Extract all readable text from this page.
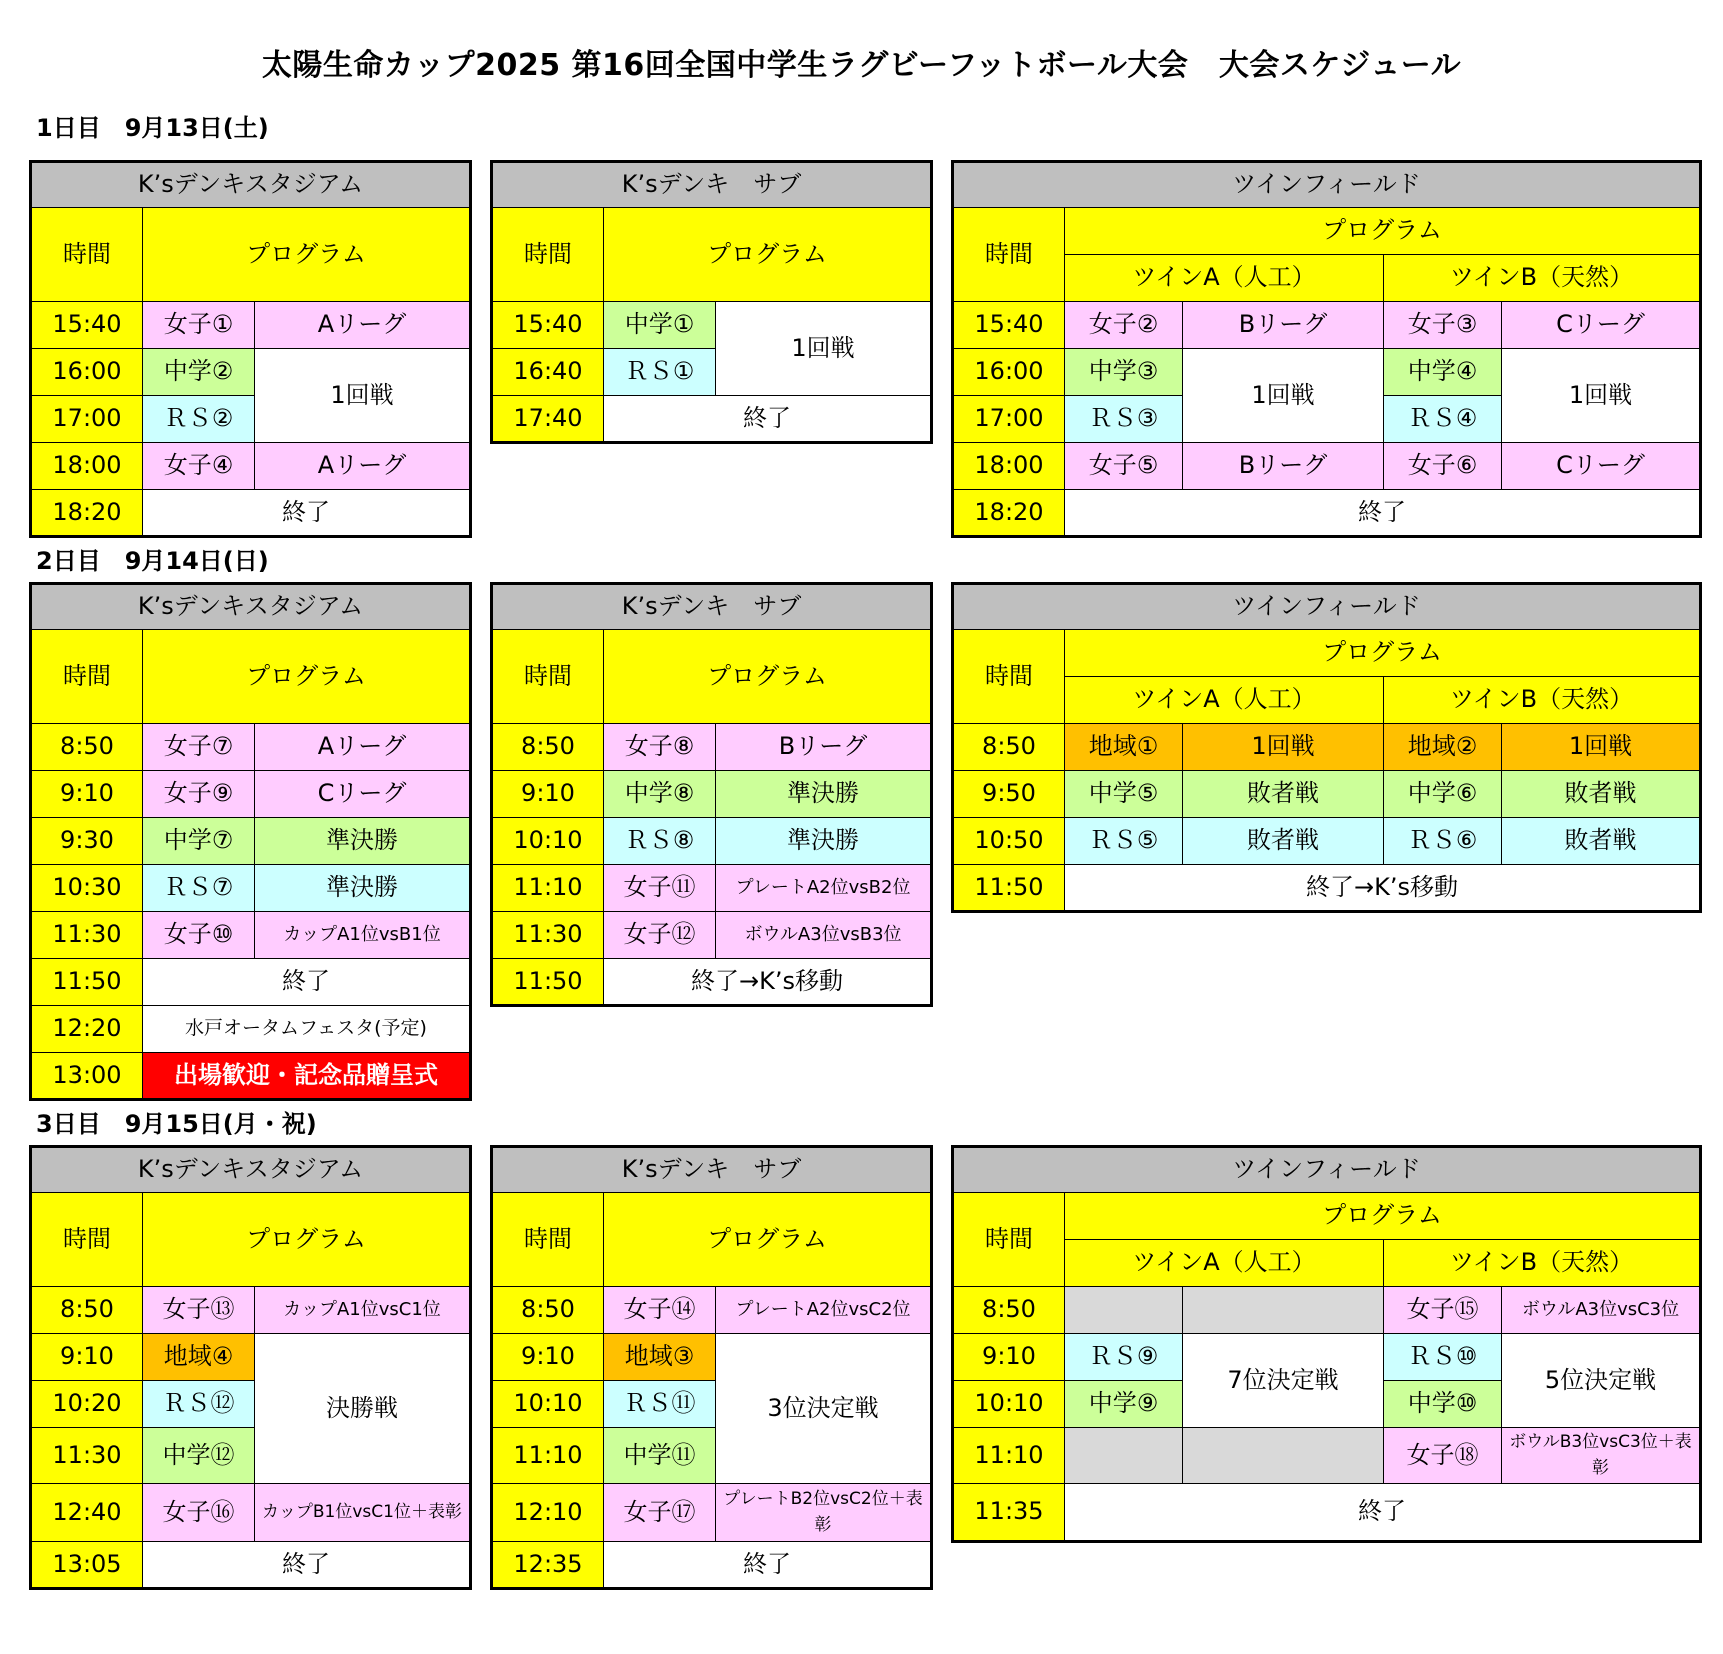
太陽生命カップ2025 第16回全国中学生ラグビーフットボール大会　大会スケジュール
1日目　9月13日(土)
K’sデンキスタジアム		
時間	プログラム	
15:40	女子①	Aリーグ
16:00	中学②	1回戦
17:00	ＲＳ②	
18:00	女子④	Aリーグ
18:20	終了	
K’sデンキ　サブ		
時間	プログラム	
15:40	中学①	1回戦
16:40	ＲＳ①	
17:40	終了	
ツインフィールド				
時間	プログラム			
	ツインA（人工）		ツインB（天然）	
15:40	女子②	Bリーグ	女子③	Cリーグ
16:00	中学③	1回戦	中学④	1回戦
17:00	ＲＳ③		ＲＳ④	
18:00	女子⑤	Bリーグ	女子⑥	Cリーグ
18:20	終了			
2日目　9月14日(日)
K’sデンキスタジアム		
時間	プログラム	
8:50	女子⑦	Aリーグ
9:10	女子⑨	Cリーグ
9:30	中学⑦	準決勝
10:30	ＲＳ⑦	準決勝
11:30	女子⑩	カップA1位vsB1位
11:50	終了	
12:20	水戸オータムフェスタ(予定)	
13:00	出場歓迎・記念品贈呈式	
K’sデンキ　サブ		
時間	プログラム	
8:50	女子⑧	Bリーグ
9:10	中学⑧	準決勝
10:10	ＲＳ⑧	準決勝
11:10	女子⑪	プレートA2位vsB2位
11:30	女子⑫	ボウルA3位vsB3位
11:50	終了→K’s移動	
ツインフィールド				
時間	プログラム			
	ツインA（人工）		ツインB（天然）	
8:50	地域①	1回戦	地域②	1回戦
9:50	中学⑤	敗者戦	中学⑥	敗者戦
10:50	ＲＳ⑤	敗者戦	ＲＳ⑥	敗者戦
11:50	終了→K’s移動			
3日目　9月15日(月・祝)
K’sデンキスタジアム		
時間	プログラム	
8:50	女子⑬	カップA1位vsC1位
9:10	地域④	決勝戦
10:20	ＲＳ⑫	
11:30	中学⑫	
12:40	女子⑯	カップB1位vsC1位＋表彰
13:05	終了	
K’sデンキ　サブ		
時間	プログラム	
8:50	女子⑭	プレートA2位vsC2位
9:10	地域③	3位決定戦
10:10	ＲＳ⑪	
11:10	中学⑪	
12:10	女子⑰	プレートB2位vsC2位＋表彰
12:35	終了	
ツインフィールド				
時間	プログラム			
	ツインA（人工）		ツインB（天然）	
8:50			女子⑮	ボウルA3位vsC3位
9:10	ＲＳ⑨	7位決定戦	ＲＳ⑩	5位決定戦
10:10	中学⑨		中学⑩	
11:10			女子⑱	ボウルB3位vsC3位＋表彰
11:35	終了			
